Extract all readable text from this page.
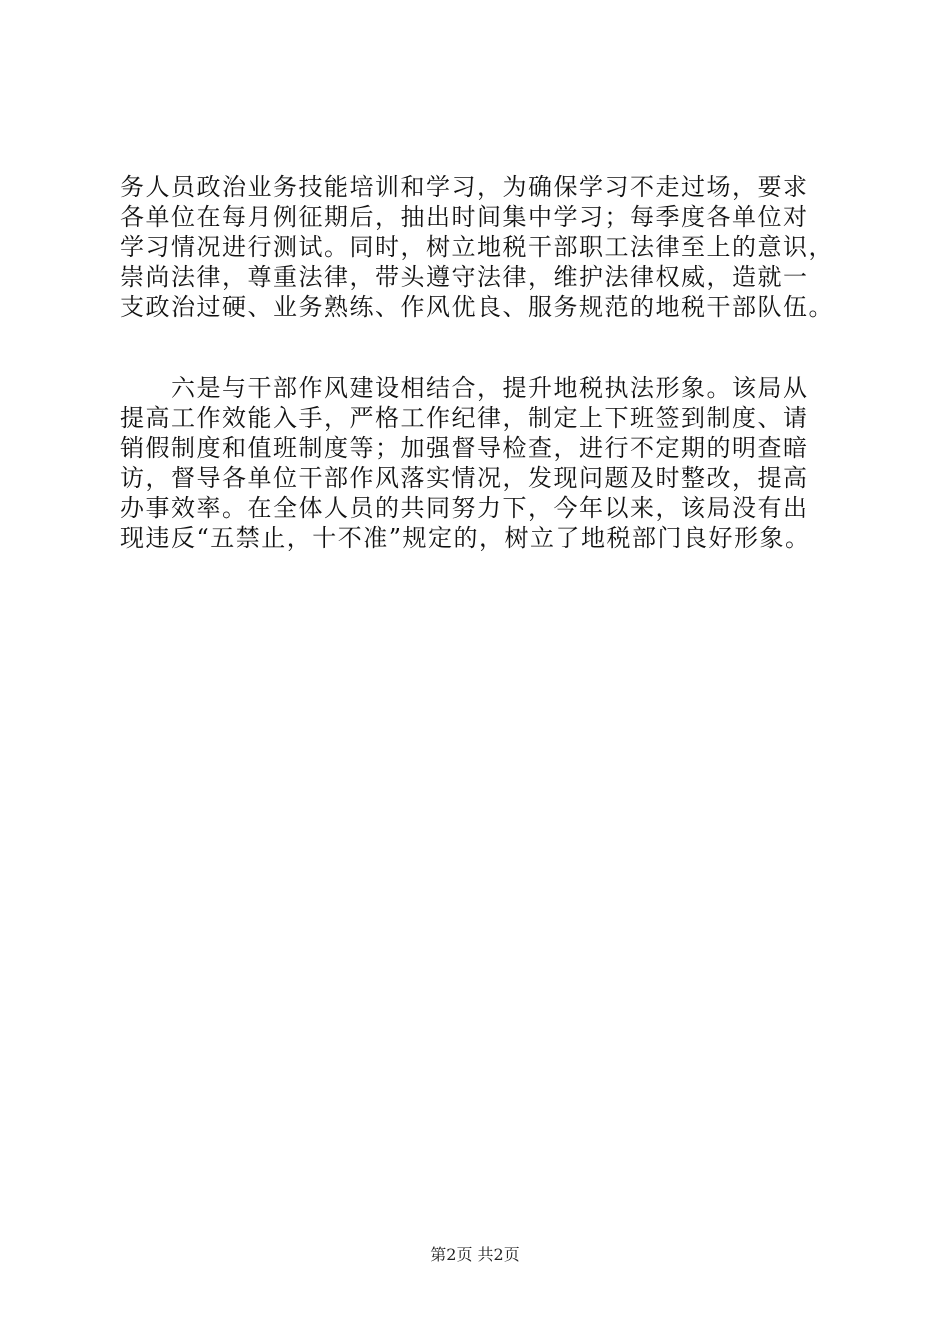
务人员政治业务技能培训和学习，为确保学习不走过场，要求
各单位在每月例征期后，抽出时间集中学习；每季度各单位对
学习情况进行测试。同时，树立地税干部职工法律至上的意识，
崇尚法律，尊重法律，带头遵守法律，维护法律权威，造就一
支政治过硬、业务熟练、作风优良、服务规范的地税干部队伍。
　　六是与干部作风建设相结合，提升地税执法形象。该局从
提高工作效能入手，严格工作纪律，制定上下班签到制度、请
销假制度和值班制度等；加强督导检查，进行不定期的明查暗
访，督导各单位干部作风落实情况，发现问题及时整改，提高
办事效率。在全体人员的共同努力下，今年以来，该局没有出
现违反“五禁止，十不准”规定的，树立了地税部门良好形象。
第2页 共2页
